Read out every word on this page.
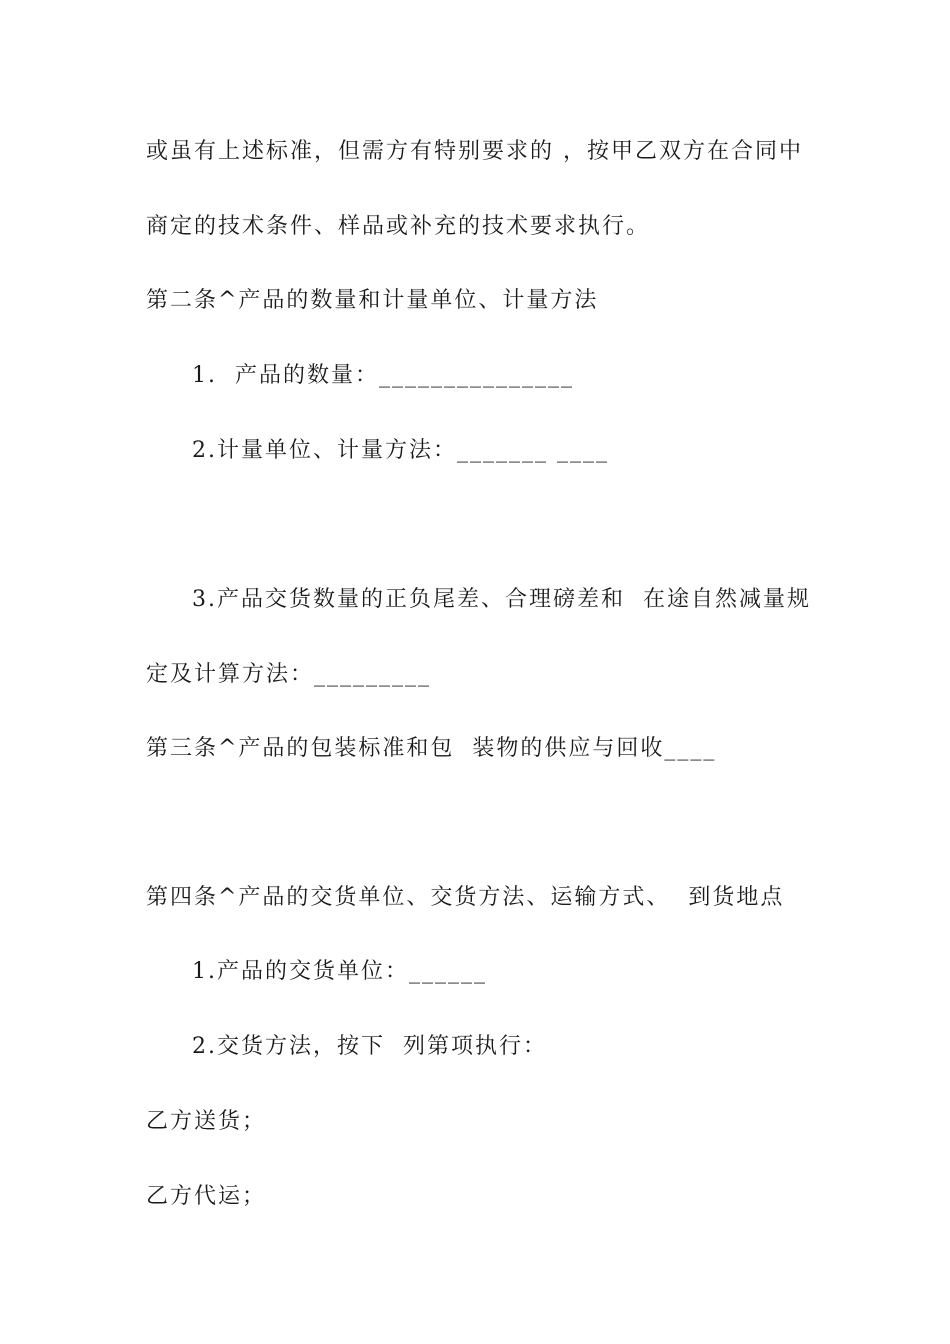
或虽有上述标准，但需方有特别要求的 ，按甲乙双方在合同中
商定的技术条件、样品或补充的技术要求执行。
第二条^产品的数量和计量单位、计量方法
1.  产品的数量：_______________
2.计量单位、计量方法：_______ ____
3.产品交货数量的正负尾差、合理磅差和  在途自然减量规
定及计算方法：_________
第三条^产品的包装标准和包  装物的供应与回收____
第四条^产品的交货单位、交货方法、运输方式、  到货地点
1.产品的交货单位：______
2.交货方法，按下  列第项执行：
乙方送货；
乙方代运；
